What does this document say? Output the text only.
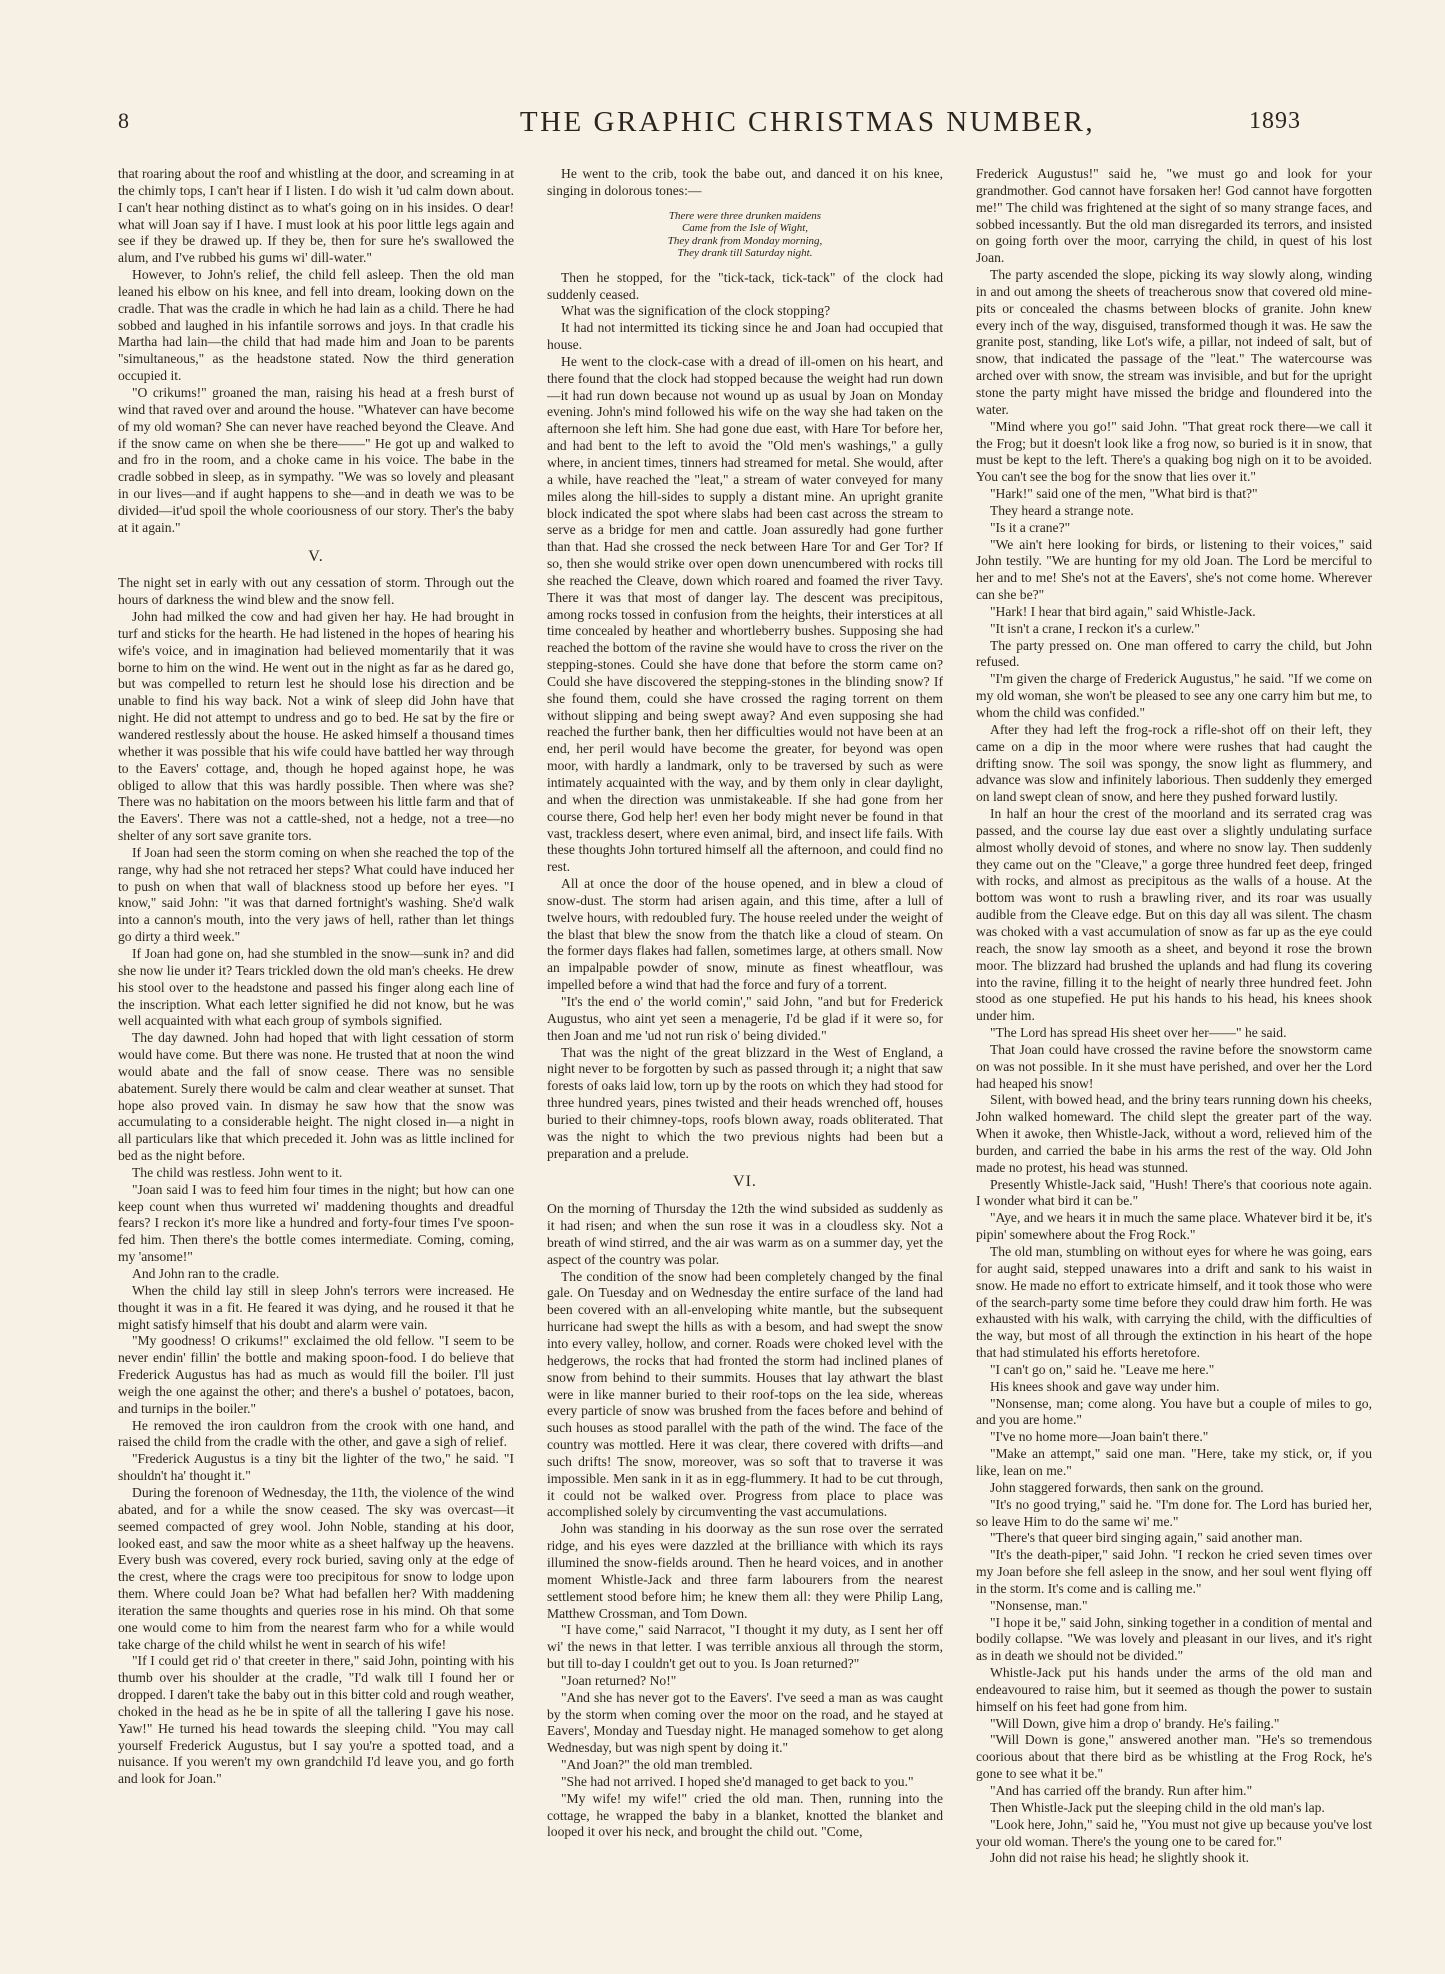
8	THE GRAPHIC CHRISTMAS NUMBER,	1893

that roaring about the roof and whistling at the door, and screaming in at the chimly tops, I can't hear if I listen. I do wish it 'ud calm down about. I can't hear nothing distinct as to what's going on in his insides. O dear! what will Joan say if I have. I must look at his poor little legs again and see if they be drawed up. If they be, then for sure he's swallowed the alum, and I've rubbed his gums wi' dill-water."

However, to John's relief, the child fell asleep. Then the old man leaned his elbow on his knee, and fell into dream, looking down on the cradle. That was the cradle in which he had lain as a child. There he had sobbed and laughed in his infantile sorrows and joys. In that cradle his Martha had lain—the child that had made him and Joan to be parents "simultaneous," as the headstone stated. Now the third generation occupied it.

"O crikums!" groaned the man, raising his head at a fresh burst of wind that raved over and around the house. "Whatever can have become of my old woman? She can never have reached beyond the Cleave. And if the snow came on when she be there——" He got up and walked to and fro in the room, and a choke came in his voice. The babe in the cradle sobbed in sleep, as in sympathy. "We was so lovely and pleasant in our lives—and if aught happens to she—and in death we was to be divided—it'ud spoil the whole cooriousness of our story. Ther's the baby at it again."

V.

The night set in early with out any cessation of storm. Through out the hours of darkness the wind blew and the snow fell.

John had milked the cow and had given her hay. He had brought in turf and sticks for the hearth. He had listened in the hopes of hearing his wife's voice, and in imagination had believed momentarily that it was borne to him on the wind. He went out in the night as far as he dared go, but was compelled to return lest he should lose his direction and be unable to find his way back. Not a wink of sleep did John have that night. He did not attempt to undress and go to bed. He sat by the fire or wandered restlessly about the house. He asked himself a thousand times whether it was possible that his wife could have battled her way through to the Eavers' cottage, and, though he hoped against hope, he was obliged to allow that this was hardly possible. Then where was she? There was no habitation on the moors between his little farm and that of the Eavers'. There was not a cattle-shed, not a hedge, not a tree—no shelter of any sort save granite tors.

If Joan had seen the storm coming on when she reached the top of the range, why had she not retraced her steps? What could have induced her to push on when that wall of blackness stood up before her eyes. "I know," said John: "it was that darned fortnight's washing. She'd walk into a cannon's mouth, into the very jaws of hell, rather than let things go dirty a third week."

If Joan had gone on, had she stumbled in the snow—sunk in? and did she now lie under it? Tears trickled down the old man's cheeks. He drew his stool over to the headstone and passed his finger along each line of the inscription. What each letter signified he did not know, but he was well acquainted with what each group of symbols signified.

The day dawned. John had hoped that with light cessation of storm would have come. But there was none. He trusted that at noon the wind would abate and the fall of snow cease. There was no sensible abatement. Surely there would be calm and clear weather at sunset. That hope also proved vain. In dismay he saw how that the snow was accumulating to a considerable height. The night closed in—a night in all particulars like that which preceded it. John was as little inclined for bed as the night before.

The child was restless. John went to it.

"Joan said I was to feed him four times in the night; but how can one keep count when thus wurreted wi' maddening thoughts and dreadful fears? I reckon it's more like a hundred and forty-four times I've spoon-fed him. Then there's the bottle comes intermediate. Coming, coming, my 'ansome!"

And John ran to the cradle.

When the child lay still in sleep John's terrors were increased. He thought it was in a fit. He feared it was dying, and he roused it that he might satisfy himself that his doubt and alarm were vain.

"My goodness! O crikums!" exclaimed the old fellow. "I seem to be never endin' fillin' the bottle and making spoon-food. I do believe that Frederick Augustus has had as much as would fill the boiler. I'll just weigh the one against the other; and there's a bushel o' potatoes, bacon, and turnips in the boiler."

He removed the iron cauldron from the crook with one hand, and raised the child from the cradle with the other, and gave a sigh of relief.

"Frederick Augustus is a tiny bit the lighter of the two," he said. "I shouldn't ha' thought it."

During the forenoon of Wednesday, the 11th, the violence of the wind abated, and for a while the snow ceased. The sky was overcast—it seemed compacted of grey wool. John Noble, standing at his door, looked east, and saw the moor white as a sheet halfway up the heavens. Every bush was covered, every rock buried, saving only at the edge of the crest, where the crags were too precipitous for snow to lodge upon them. Where could Joan be? What had befallen her? With maddening iteration the same thoughts and queries rose in his mind. Oh that some one would come to him from the nearest farm who for a while would take charge of the child whilst he went in search of his wife!

"If I could get rid o' that creeter in there," said John, pointing with his thumb over his shoulder at the cradle, "I'd walk till I found her or dropped. I daren't take the baby out in this bitter cold and rough weather, choked in the head as he be in spite of all the tallering I gave his nose. Yaw!" He turned his head towards the sleeping child. "You may call yourself Frederick Augustus, but I say you're a spotted toad, and a nuisance. If you weren't my own grandchild I'd leave you, and go forth and look for Joan."

He went to the crib, took the babe out, and danced it on his knee, singing in dolorous tones:—

There were three drunken maidens
Came from the Isle of Wight,
They drank from Monday morning,
They drank till Saturday night.

Then he stopped, for the "tick-tack, tick-tack" of the clock had suddenly ceased.

What was the signification of the clock stopping?

It had not intermitted its ticking since he and Joan had occupied that house.

He went to the clock-case with a dread of ill-omen on his heart, and there found that the clock had stopped because the weight had run down—it had run down because not wound up as usual by Joan on Monday evening. John's mind followed his wife on the way she had taken on the afternoon she left him. She had gone due east, with Hare Tor before her, and had bent to the left to avoid the "Old men's washings," a gully where, in ancient times, tinners had streamed for metal. She would, after a while, have reached the "leat," a stream of water conveyed for many miles along the hill-sides to supply a distant mine. An upright granite block indicated the spot where slabs had been cast across the stream to serve as a bridge for men and cattle. Joan assuredly had gone further than that. Had she crossed the neck between Hare Tor and Ger Tor? If so, then she would strike over open down unencumbered with rocks till she reached the Cleave, down which roared and foamed the river Tavy. There it was that most of danger lay. The descent was precipitous, among rocks tossed in confusion from the heights, their interstices at all time concealed by heather and whortleberry bushes. Supposing she had reached the bottom of the ravine she would have to cross the river on the stepping-stones. Could she have done that before the storm came on? Could she have discovered the stepping-stones in the blinding snow? If she found them, could she have crossed the raging torrent on them without slipping and being swept away? And even supposing she had reached the further bank, then her difficulties would not have been at an end, her peril would have become the greater, for beyond was open moor, with hardly a landmark, only to be traversed by such as were intimately acquainted with the way, and by them only in clear daylight, and when the direction was unmistakeable. If she had gone from her course there, God help her! even her body might never be found in that vast, trackless desert, where even animal, bird, and insect life fails. With these thoughts John tortured himself all the afternoon, and could find no rest.

All at once the door of the house opened, and in blew a cloud of snow-dust. The storm had arisen again, and this time, after a lull of twelve hours, with redoubled fury. The house reeled under the weight of the blast that blew the snow from the thatch like a cloud of steam. On the former days flakes had fallen, sometimes large, at others small. Now an impalpable powder of snow, minute as finest wheatflour, was impelled before a wind that had the force and fury of a torrent.

"It's the end o' the world comin'," said John, "and but for Frederick Augustus, who aint yet seen a menagerie, I'd be glad if it were so, for then Joan and me 'ud not run risk o' being divided."

That was the night of the great blizzard in the West of England, a night never to be forgotten by such as passed through it; a night that saw forests of oaks laid low, torn up by the roots on which they had stood for three hundred years, pines twisted and their heads wrenched off, houses buried to their chimney-tops, roofs blown away, roads obliterated. That was the night to which the two previous nights had been but a preparation and a prelude.

VI.

On the morning of Thursday the 12th the wind subsided as suddenly as it had risen; and when the sun rose it was in a cloudless sky. Not a breath of wind stirred, and the air was warm as on a summer day, yet the aspect of the country was polar.

The condition of the snow had been completely changed by the final gale. On Tuesday and on Wednesday the entire surface of the land had been covered with an all-enveloping white mantle, but the subsequent hurricane had swept the hills as with a besom, and had swept the snow into every valley, hollow, and corner. Roads were choked level with the hedgerows, the rocks that had fronted the storm had inclined planes of snow from behind to their summits. Houses that lay athwart the blast were in like manner buried to their roof-tops on the lea side, whereas every particle of snow was brushed from the faces before and behind of such houses as stood parallel with the path of the wind. The face of the country was mottled. Here it was clear, there covered with drifts—and such drifts! The snow, moreover, was so soft that to traverse it was impossible. Men sank in it as in egg-flummery. It had to be cut through, it could not be walked over. Progress from place to place was accomplished solely by circumventing the vast accumulations.

John was standing in his doorway as the sun rose over the serrated ridge, and his eyes were dazzled at the brilliance with which its rays illumined the snow-fields around. Then he heard voices, and in another moment Whistle-Jack and three farm labourers from the nearest settlement stood before him; he knew them all: they were Philip Lang, Matthew Crossman, and Tom Down.

"I have come," said Narracot, "I thought it my duty, as I sent her off wi' the news in that letter. I was terrible anxious all through the storm, but till to-day I couldn't get out to you. Is Joan returned?"

"Joan returned? No!"

"And she has never got to the Eavers'. I've seed a man as was caught by the storm when coming over the moor on the road, and he stayed at Eavers', Monday and Tuesday night. He managed somehow to get along Wednesday, but was nigh spent by doing it."

"And Joan?" the old man trembled.

"She had not arrived. I hoped she'd managed to get back to you."

"My wife! my wife!" cried the old man. Then, running into the cottage, he wrapped the baby in a blanket, knotted the blanket and looped it over his neck, and brought the child out. "Come,

Frederick Augustus!" said he, "we must go and look for your grandmother. God cannot have forsaken her! God cannot have forgotten me!" The child was frightened at the sight of so many strange faces, and sobbed incessantly. But the old man disregarded its terrors, and insisted on going forth over the moor, carrying the child, in quest of his lost Joan.

The party ascended the slope, picking its way slowly along, winding in and out among the sheets of treacherous snow that covered old mine-pits or concealed the chasms between blocks of granite. John knew every inch of the way, disguised, transformed though it was. He saw the granite post, standing, like Lot's wife, a pillar, not indeed of salt, but of snow, that indicated the passage of the "leat." The watercourse was arched over with snow, the stream was invisible, and but for the upright stone the party might have missed the bridge and floundered into the water.

"Mind where you go!" said John. "That great rock there—we call it the Frog; but it doesn't look like a frog now, so buried is it in snow, that must be kept to the left. There's a quaking bog nigh on it to be avoided. You can't see the bog for the snow that lies over it."

"Hark!" said one of the men, "What bird is that?"

They heard a strange note.

"Is it a crane?"

"We ain't here looking for birds, or listening to their voices," said John testily. "We are hunting for my old Joan. The Lord be merciful to her and to me! She's not at the Eavers', she's not come home. Wherever can she be?"

"Hark! I hear that bird again," said Whistle-Jack.

"It isn't a crane, I reckon it's a curlew."

The party pressed on. One man offered to carry the child, but John refused.

"I'm given the charge of Frederick Augustus," he said. "If we come on my old woman, she won't be pleased to see any one carry him but me, to whom the child was confided."

After they had left the frog-rock a rifle-shot off on their left, they came on a dip in the moor where were rushes that had caught the drifting snow. The soil was spongy, the snow light as flummery, and advance was slow and infinitely laborious. Then suddenly they emerged on land swept clean of snow, and here they pushed forward lustily.

In half an hour the crest of the moorland and its serrated crag was passed, and the course lay due east over a slightly undulating surface almost wholly devoid of stones, and where no snow lay. Then suddenly they came out on the "Cleave," a gorge three hundred feet deep, fringed with rocks, and almost as precipitous as the walls of a house. At the bottom was wont to rush a brawling river, and its roar was usually audible from the Cleave edge. But on this day all was silent. The chasm was choked with a vast accumulation of snow as far up as the eye could reach, the snow lay smooth as a sheet, and beyond it rose the brown moor. The blizzard had brushed the uplands and had flung its covering into the ravine, filling it to the height of nearly three hundred feet. John stood as one stupefied. He put his hands to his head, his knees shook under him.

"The Lord has spread His sheet over her——" he said.

That Joan could have crossed the ravine before the snowstorm came on was not possible. In it she must have perished, and over her the Lord had heaped his snow!

Silent, with bowed head, and the briny tears running down his cheeks, John walked homeward. The child slept the greater part of the way. When it awoke, then Whistle-Jack, without a word, relieved him of the burden, and carried the babe in his arms the rest of the way. Old John made no protest, his head was stunned.

Presently Whistle-Jack said, "Hush! There's that coorious note again. I wonder what bird it can be."

"Aye, and we hears it in much the same place. Whatever bird it be, it's pipin' somewhere about the Frog Rock."

The old man, stumbling on without eyes for where he was going, ears for aught said, stepped unawares into a drift and sank to his waist in snow. He made no effort to extricate himself, and it took those who were of the search-party some time before they could draw him forth. He was exhausted with his walk, with carrying the child, with the difficulties of the way, but most of all through the extinction in his heart of the hope that had stimulated his efforts heretofore.

"I can't go on," said he. "Leave me here."

His knees shook and gave way under him.

"Nonsense, man; come along. You have but a couple of miles to go, and you are home."

"I've no home more—Joan bain't there."

"Make an attempt," said one man. "Here, take my stick, or, if you like, lean on me."

John staggered forwards, then sank on the ground.

"It's no good trying," said he. "I'm done for. The Lord has buried her, so leave Him to do the same wi' me."

"There's that queer bird singing again," said another man.

"It's the death-piper," said John. "I reckon he cried seven times over my Joan before she fell asleep in the snow, and her soul went flying off in the storm. It's come and is calling me."

"Nonsense, man."

"I hope it be," said John, sinking together in a condition of mental and bodily collapse. "We was lovely and pleasant in our lives, and it's right as in death we should not be divided."

Whistle-Jack put his hands under the arms of the old man and endeavoured to raise him, but it seemed as though the power to sustain himself on his feet had gone from him.

"Will Down, give him a drop o' brandy. He's failing."

"Will Down is gone," answered another man. "He's so tremendous coorious about that there bird as be whistling at the Frog Rock, he's gone to see what it be."

"And has carried off the brandy. Run after him."

Then Whistle-Jack put the sleeping child in the old man's lap.

"Look here, John," said he, "You must not give up because you've lost your old woman. There's the young one to be cared for."

John did not raise his head; he slightly shook it.
